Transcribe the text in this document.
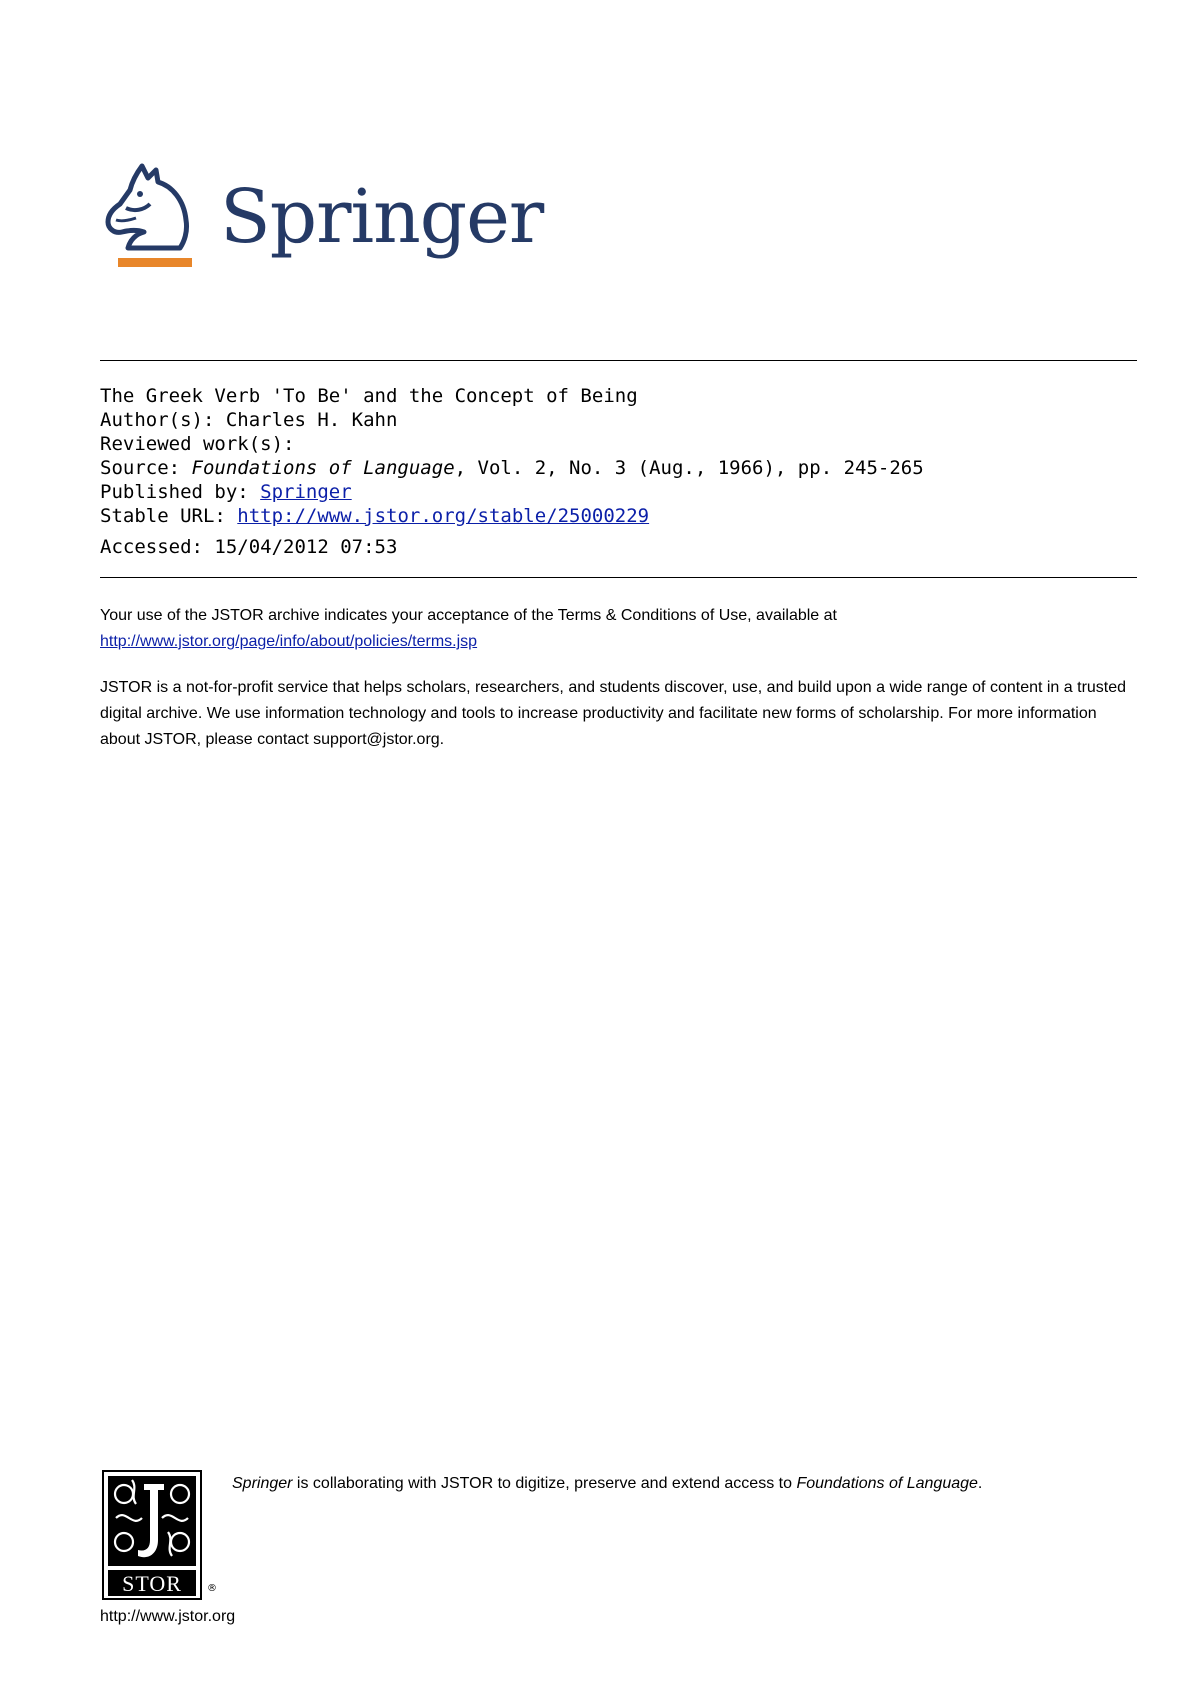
Springer
The Greek Verb 'To Be' and the Concept of Being
Author(s): Charles H. Kahn
Reviewed work(s):
Source: Foundations of Language, Vol. 2, No. 3 (Aug., 1966), pp. 245-265
Published by: Springer
Stable URL: http://www.jstor.org/stable/25000229
Accessed: 15/04/2012 07:53
Your use of the JSTOR archive indicates your acceptance of the Terms & Conditions of Use, available at
http://www.jstor.org/page/info/about/policies/terms.jsp
JSTOR is a not-for-profit service that helps scholars, researchers, and students discover, use, and build upon a wide range of content in a trusted digital archive. We use information technology and tools to increase productivity and facilitate new forms of scholarship. For more information about JSTOR, please contact support@jstor.org.
STOR	®
Springer is collaborating with JSTOR to digitize, preserve and extend access to Foundations of Language.
http://www.jstor.org
